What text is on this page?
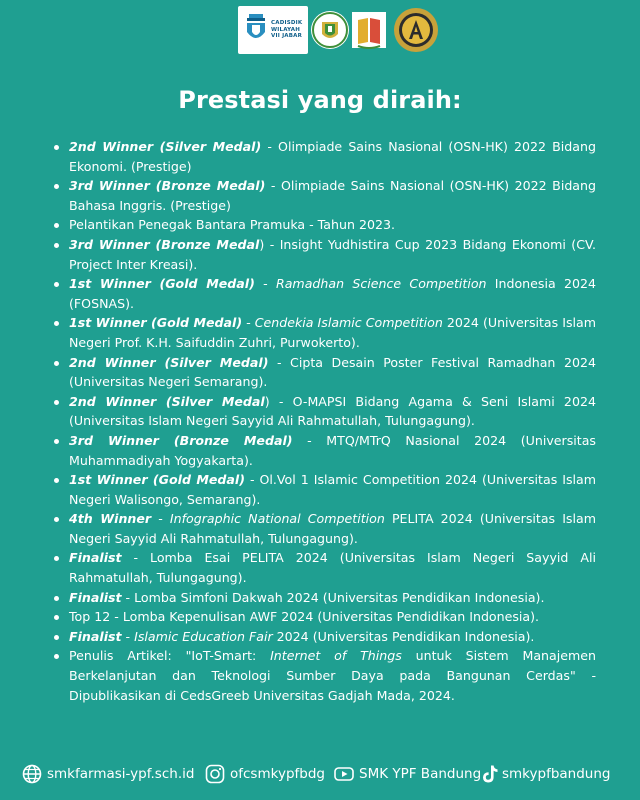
CADISDIK WILAYAH VII JABAR
Prestasi yang diraih:
2nd Winner (Silver Medal) - Olimpiade Sains Nasional (OSN-HK) 2022 Bidang Ekonomi. (Prestige)
3rd Winner (Bronze Medal) - Olimpiade Sains Nasional (OSN-HK) 2022 Bidang Bahasa Inggris. (Prestige)
Pelantikan Penegak Bantara Pramuka - Tahun 2023.
3rd Winner (Bronze Medal) - Insight Yudhistira Cup 2023 Bidang Ekonomi (CV. Project Inter Kreasi).
1st Winner (Gold Medal) - Ramadhan Science Competition Indonesia 2024 (FOSNAS).
1st Winner (Gold Medal) - Cendekia Islamic Competition 2024 (Universitas Islam Negeri Prof. K.H. Saifuddin Zuhri, Purwokerto).
2nd Winner (Silver Medal) - Cipta Desain Poster Festival Ramadhan 2024 (Universitas Negeri Semarang).
2nd Winner (Silver Medal) - O-MAPSI Bidang Agama & Seni Islami 2024 (Universitas Islam Negeri Sayyid Ali Rahmatullah, Tulungagung).
3rd Winner (Bronze Medal) - MTQ/MTrQ Nasional 2024 (Universitas Muhammadiyah Yogyakarta).
1st Winner (Gold Medal) - Ol.Vol 1 Islamic Competition 2024 (Universitas Islam Negeri Walisongo, Semarang).
4th Winner - Infographic National Competition PELITA 2024 (Universitas Islam Negeri Sayyid Ali Rahmatullah, Tulungagung).
Finalist - Lomba Esai PELITA 2024 (Universitas Islam Negeri Sayyid Ali Rahmatullah, Tulungagung).
Finalist - Lomba Simfoni Dakwah 2024 (Universitas Pendidikan Indonesia).
Top 12 - Lomba Kepenulisan AWF 2024 (Universitas Pendidikan Indonesia).
Finalist - Islamic Education Fair 2024 (Universitas Pendidikan Indonesia).
Penulis Artikel: "IoT-Smart: Internet of Things untuk Sistem Manajemen Berkelanjutan dan Teknologi Sumber Daya pada Bangunan Cerdas" - Dipublikasikan di CedsGreeb Universitas Gadjah Mada, 2024.
smkfarmasi-ypf.sch.id	ofcsmkypfbdg	SMK YPF Bandung smkypfbandung
